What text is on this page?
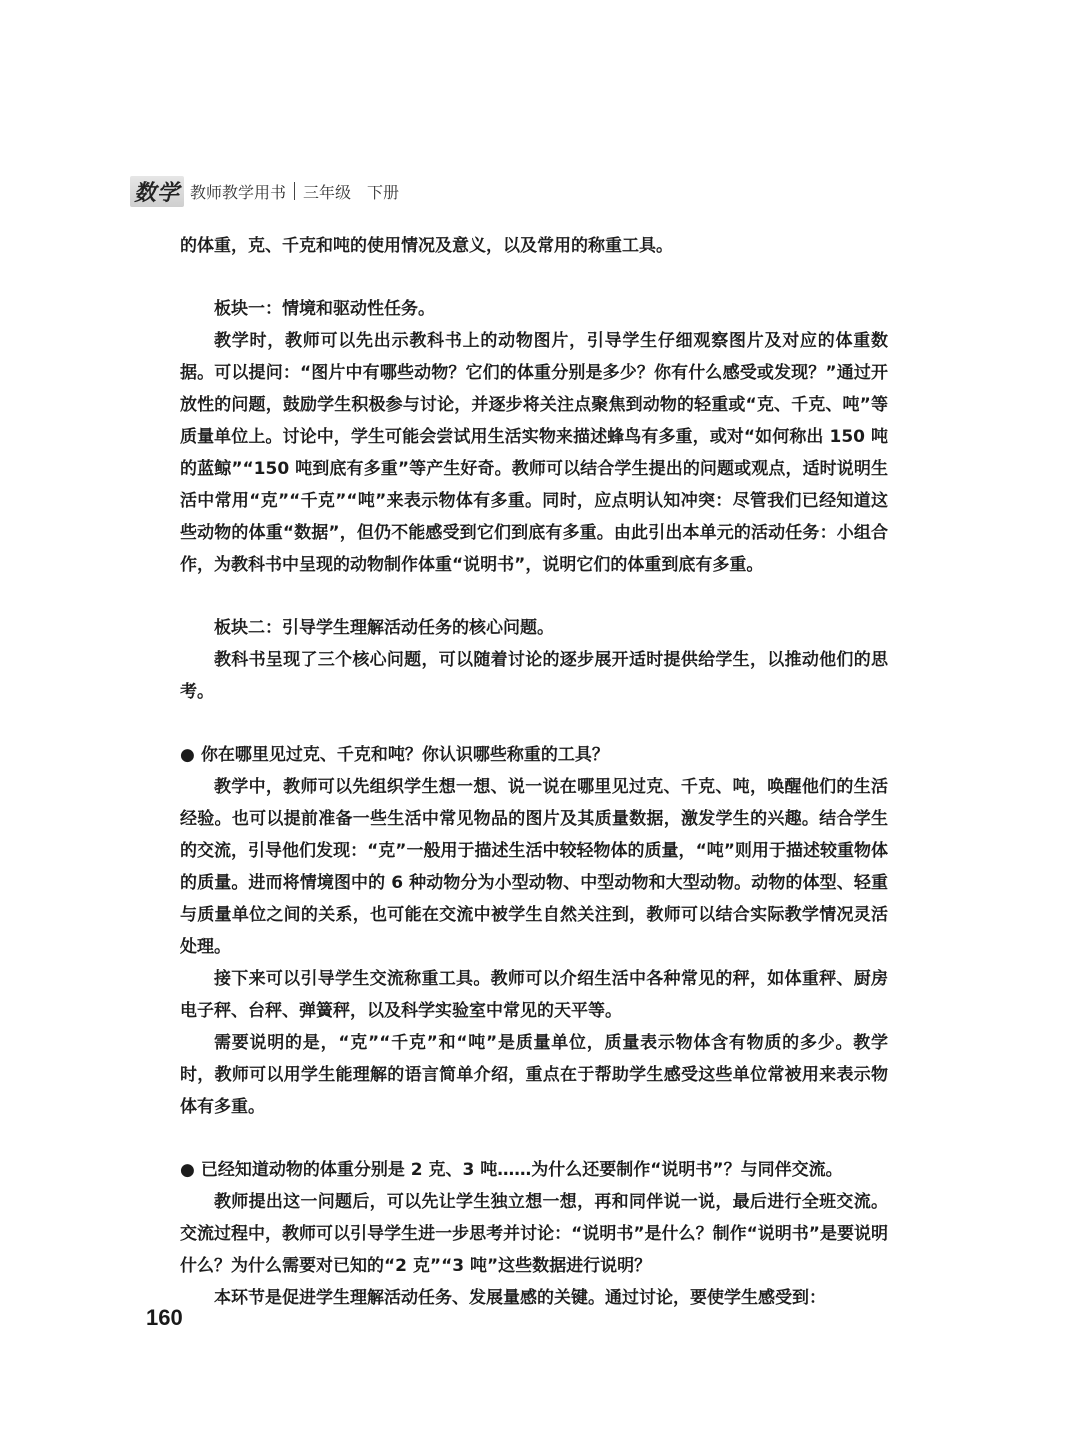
数学 教师教学用书 三年级　下册

的体重，克、千克和吨的使用情况及意义，以及常用的称重工具。

板块一：情境和驱动性任务。

教学时，教师可以先出示教科书上的动物图片，引导学生仔细观察图片及对应的体重数据。可以提问：“图片中有哪些动物？它们的体重分别是多少？你有什么感受或发现？”通过开放性的问题，鼓励学生积极参与讨论，并逐步将关注点聚焦到动物的轻重或“克、千克、吨”等质量单位上。讨论中，学生可能会尝试用生活实物来描述蜂鸟有多重，或对“如何称出 150 吨的蓝鲸”“150 吨到底有多重”等产生好奇。教师可以结合学生提出的问题或观点，适时说明生活中常用“克”“千克”“吨”来表示物体有多重。同时，应点明认知冲突：尽管我们已经知道这些动物的体重“数据”，但仍不能感受到它们到底有多重。由此引出本单元的活动任务：小组合作，为教科书中呈现的动物制作体重“说明书”，说明它们的体重到底有多重。

板块二：引导学生理解活动任务的核心问题。

教科书呈现了三个核心问题，可以随着讨论的逐步展开适时提供给学生，以推动他们的思考。

● 你在哪里见过克、千克和吨？你认识哪些称重的工具？

教学中，教师可以先组织学生想一想、说一说在哪里见过克、千克、吨，唤醒他们的生活经验。也可以提前准备一些生活中常见物品的图片及其质量数据，激发学生的兴趣。结合学生的交流，引导他们发现：“克”一般用于描述生活中较轻物体的质量，“吨”则用于描述较重物体的质量。进而将情境图中的 6 种动物分为小型动物、中型动物和大型动物。动物的体型、轻重与质量单位之间的关系，也可能在交流中被学生自然关注到，教师可以结合实际教学情况灵活处理。

接下来可以引导学生交流称重工具。教师可以介绍生活中各种常见的秤，如体重秤、厨房电子秤、台秤、弹簧秤，以及科学实验室中常见的天平等。

需要说明的是，“克”“千克”和“吨”是质量单位，质量表示物体含有物质的多少。教学时，教师可以用学生能理解的语言简单介绍，重点在于帮助学生感受这些单位常被用来表示物体有多重。

● 已经知道动物的体重分别是 2 克、3 吨……为什么还要制作“说明书”？与同伴交流。

教师提出这一问题后，可以先让学生独立想一想，再和同伴说一说，最后进行全班交流。交流过程中，教师可以引导学生进一步思考并讨论：“说明书”是什么？制作“说明书”是要说明什么？为什么需要对已知的“2 克”“3 吨”这些数据进行说明？

本环节是促进学生理解活动任务、发展量感的关键。通过讨论，要使学生感受到：

160
